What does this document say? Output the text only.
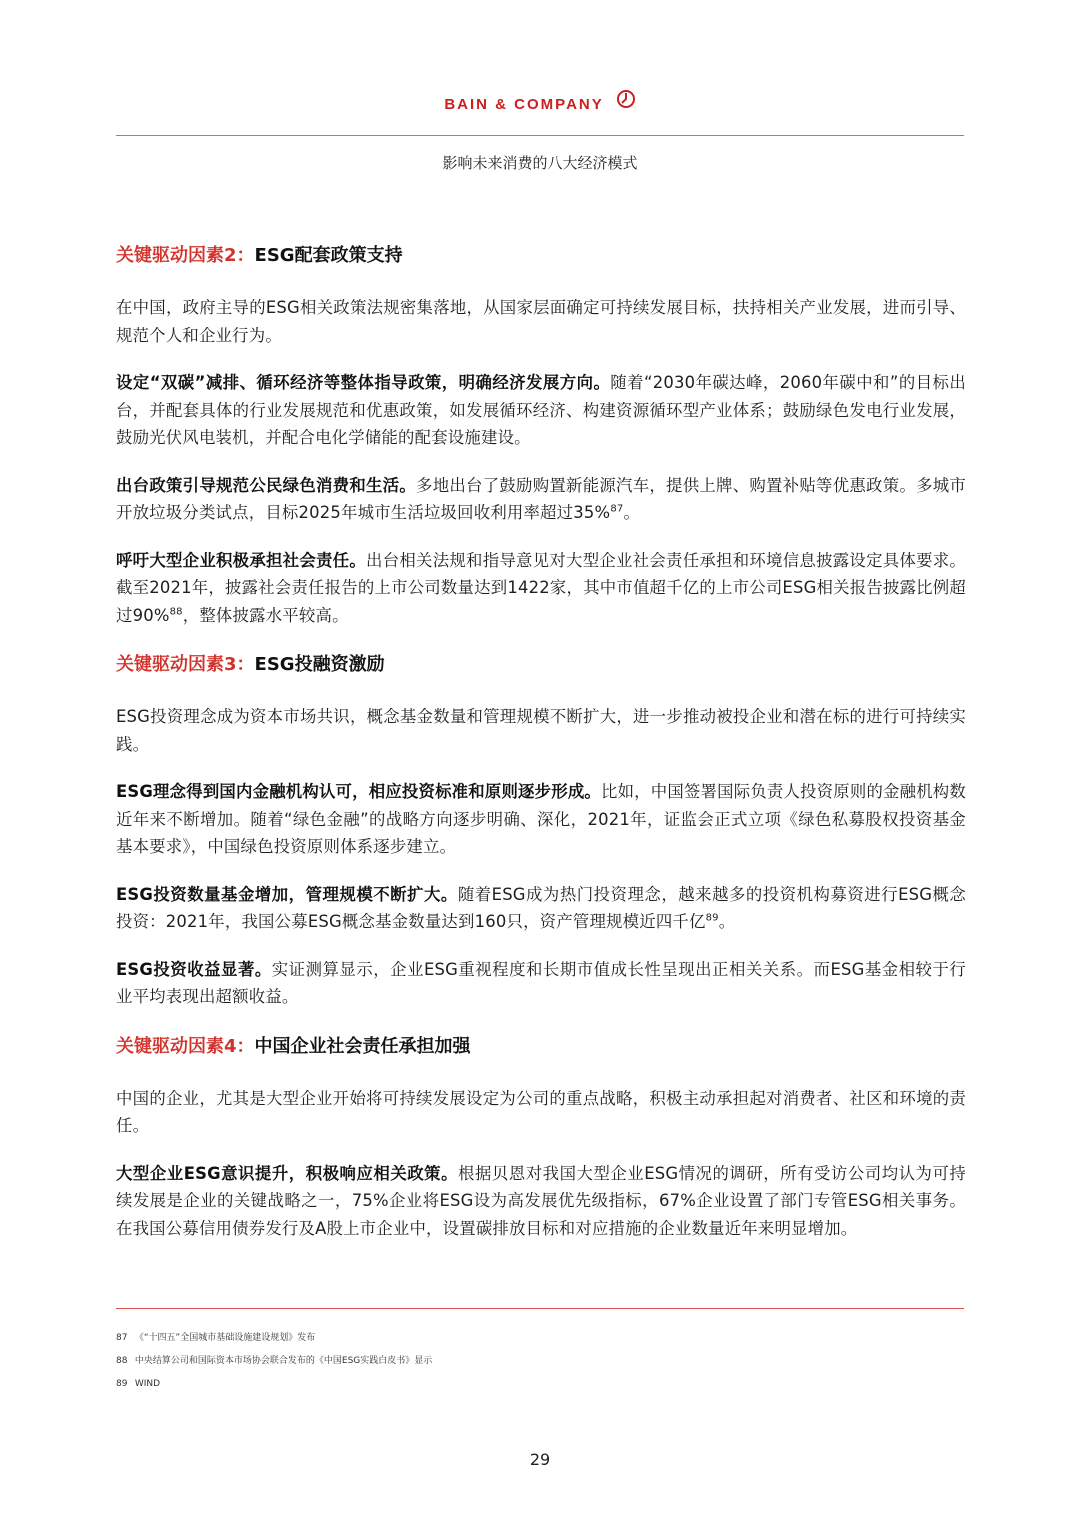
BAIN & COMPANY
影响未来消费的八大经济模式
关键驱动因素2：ESG配套政策支持

在中国，政府主导的ESG相关政策法规密集落地，从国家层面确定可持续发展目标，扶持相关产业发展，进而引导、规范个人和企业行为。

设定“双碳”减排、循环经济等整体指导政策，明确经济发展方向。随着“2030年碳达峰，2060年碳中和”的目标出台，并配套具体的行业发展规范和优惠政策，如发展循环经济、构建资源循环型产业体系；鼓励绿色发电行业发展，鼓励光伏风电装机，并配合电化学储能的配套设施建设。

出台政策引导规范公民绿色消费和生活。多地出台了鼓励购置新能源汽车，提供上牌、购置补贴等优惠政策。多城市开放垃圾分类试点，目标2025年城市生活垃圾回收利用率超过35%$^{87}$。

呼吁大型企业积极承担社会责任。出台相关法规和指导意见对大型企业社会责任承担和环境信息披露设定具体要求。截至2021年，披露社会责任报告的上市公司数量达到1422家，其中市值超千亿的上市公司ESG相关报告披露比例超过90%$^{88}$，整体披露水平较高。

关键驱动因素3：ESG投融资激励

ESG投资理念成为资本市场共识，概念基金数量和管理规模不断扩大，进一步推动被投企业和潜在标的进行可持续实践。

ESG理念得到国内金融机构认可，相应投资标准和原则逐步形成。比如，中国签署国际负责人投资原则的金融机构数近年来不断增加。随着“绿色金融”的战略方向逐步明确、深化，2021年，证监会正式立项《绿色私募股权投资基金基本要求》，中国绿色投资原则体系逐步建立。

ESG投资数量基金增加，管理规模不断扩大。随着ESG成为热门投资理念，越来越多的投资机构募资进行ESG概念投资：2021年，我国公募ESG概念基金数量达到160只，资产管理规模近四千亿$^{89}$。

ESG投资收益显著。实证测算显示，企业ESG重视程度和长期市值成长性呈现出正相关关系。而ESG基金相较于行业平均表现出超额收益。

关键驱动因素4：中国企业社会责任承担加强

中国的企业，尤其是大型企业开始将可持续发展设定为公司的重点战略，积极主动承担起对消费者、社区和环境的责任。

大型企业ESG意识提升，积极响应相关政策。根据贝恩对我国大型企业ESG情况的调研，所有受访公司均认为可持续发展是企业的关键战略之一，75%企业将ESG设为高发展优先级指标，67%企业设置了部门专管ESG相关事务。在我国公募信用债券发行及A股上市企业中，设置碳排放目标和对应措施的企业数量近年来明显增加。

87 《“十四五”全国城市基础设施建设规划》发布
88 中央结算公司和国际资本市场协会联合发布的《中国ESG实践白皮书》显示
89 WIND
29
